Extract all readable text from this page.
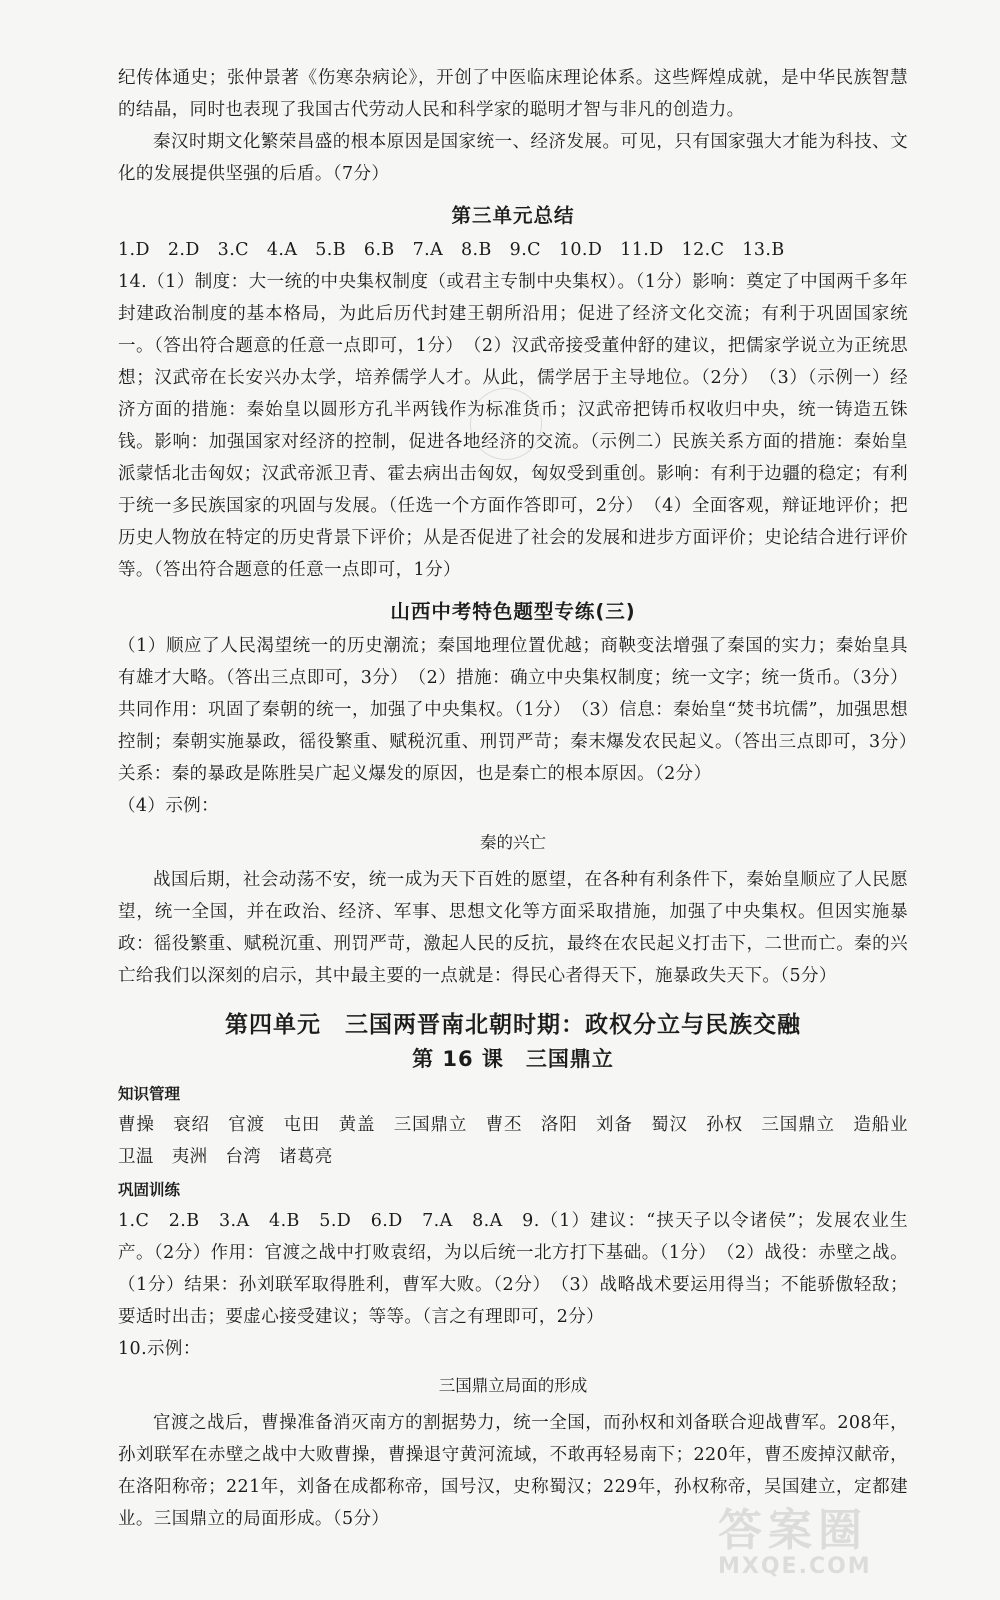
纪传体通史；张仲景著《伤寒杂病论》，开创了中医临床理论体系。这些辉煌成就，是中华民族智慧的结晶，同时也表现了我国古代劳动人民和科学家的聪明才智与非凡的创造力。

秦汉时期文化繁荣昌盛的根本原因是国家统一、经济发展。可见，只有国家强大才能为科技、文化的发展提供坚强的后盾。（7分）

第三单元总结

1.D　2.D　3.C　4.A　5.B　6.B　7.A　8.B　9.C　10.D　11.D　12.C　13.B

14.（1）制度：大一统的中央集权制度（或君主专制中央集权）。（1分）影响：奠定了中国两千多年封建政治制度的基本格局，为此后历代封建王朝所沿用；促进了经济文化交流；有利于巩固国家统一。（答出符合题意的任意一点即可，1分）　（2）汉武帝接受董仲舒的建议，把儒家学说立为正统思想；汉武帝在长安兴办太学，培养儒学人才。从此，儒学居于主导地位。（2分）　（3）（示例一）经济方面的措施：秦始皇以圆形方孔半两钱作为标准货币；汉武帝把铸币权收归中央，统一铸造五铢钱。影响：加强国家对经济的控制，促进各地经济的交流。（示例二）民族关系方面的措施：秦始皇派蒙恬北击匈奴；汉武帝派卫青、霍去病出击匈奴，匈奴受到重创。影响：有利于边疆的稳定；有利于统一多民族国家的巩固与发展。（任选一个方面作答即可，2分）　（4）全面客观，辩证地评价；把历史人物放在特定的历史背景下评价；从是否促进了社会的发展和进步方面评价；史论结合进行评价等。（答出符合题意的任意一点即可，1分）

山西中考特色题型专练(三)

（1）顺应了人民渴望统一的历史潮流；秦国地理位置优越；商鞅变法增强了秦国的实力；秦始皇具有雄才大略。（答出三点即可，3分）　（2）措施：确立中央集权制度；统一文字；统一货币。（3分）共同作用：巩固了秦朝的统一，加强了中央集权。（1分）　（3）信息：秦始皇“焚书坑儒”，加强思想控制；秦朝实施暴政，徭役繁重、赋税沉重、刑罚严苛；秦末爆发农民起义。（答出三点即可，3分）关系：秦的暴政是陈胜吴广起义爆发的原因，也是秦亡的根本原因。（2分）

（4）示例：

秦的兴亡

战国后期，社会动荡不安，统一成为天下百姓的愿望，在各种有利条件下，秦始皇顺应了人民愿望，统一全国，并在政治、经济、军事、思想文化等方面采取措施，加强了中央集权。但因实施暴政：徭役繁重、赋税沉重、刑罚严苛，激起人民的反抗，最终在农民起义打击下，二世而亡。秦的兴亡给我们以深刻的启示，其中最主要的一点就是：得民心者得天下，施暴政失天下。（5分）

第四单元　三国两晋南北朝时期：政权分立与民族交融
第 16 课　三国鼎立
知识管理

曹操　衰绍　官渡　屯田　黄盖　三国鼎立　曹丕　洛阳　刘备　蜀汉　孙权　三国鼎立　造船业　卫温　夷洲　台湾　诸葛亮

巩固训练

1.C　2.B　3.A　4.B　5.D　6.D　7.A　8.A　9.（1）建议：“挟天子以令诸侯”；发展农业生产。（2分）作用：官渡之战中打败袁绍，为以后统一北方打下基础。（1分）　（2）战役：赤壁之战。（1分）结果：孙刘联军取得胜利，曹军大败。（2分）　（3）战略战术要运用得当；不能骄傲轻敌；要适时出击；要虚心接受建议；等等。（言之有理即可，2分）

10.示例：

三国鼎立局面的形成

官渡之战后，曹操准备消灭南方的割据势力，统一全国，而孙权和刘备联合迎战曹军。208年，孙刘联军在赤壁之战中大败曹操，曹操退守黄河流域，不敢再轻易南下；220年，曹丕废掉汉献帝，在洛阳称帝；221年，刘备在成都称帝，国号汉，史称蜀汉；229年，孙权称帝，吴国建立，定都建业。三国鼎立的局面形成。（5分）	答案圈
MXQE.COM
